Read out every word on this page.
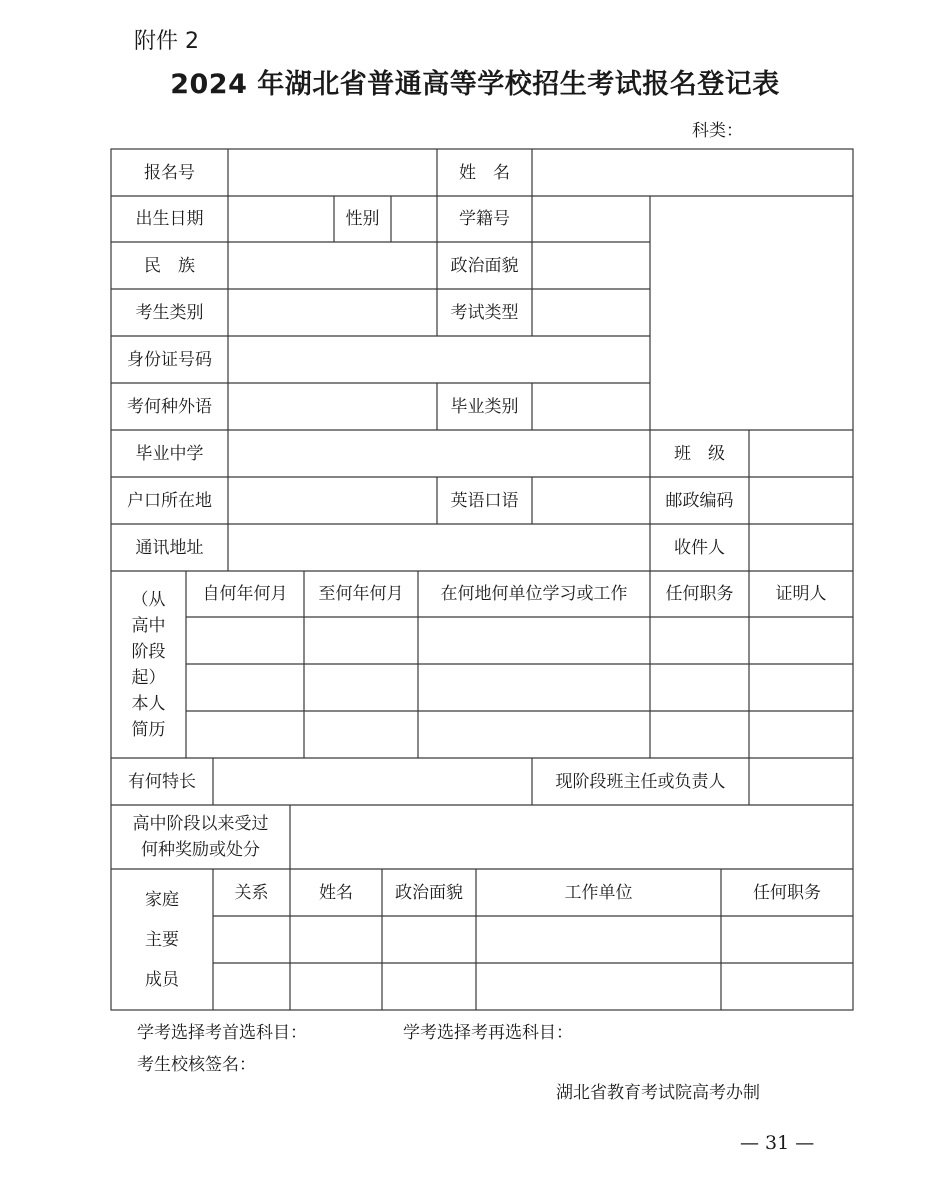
附件 2
2024 年湖北省普通高等学校招生考试报名登记表
科类：
报名号	姓　名
出生日期	性别	学籍号
民　族	政治面貌
考生类别	考试类型
身份证号码
考何种外语	毕业类别
毕业中学	班　级
户口所在地	英语口语	邮政编码
通讯地址	收件人
（从
高中
阶段
起）
本人
简历
自何年何月	至何年何月	在何地何单位学习或工作	任何职务	证明人
有何特长	现阶段班主任或负责人
高中阶段以来受过
何种奖励或处分
家庭
主要
成员
关系	姓名	政治面貌	工作单位	任何职务
学考选择考首选科目：	学考选择考再选科目：
考生校核签名：
湖北省教育考试院高考办制
— 31 —
